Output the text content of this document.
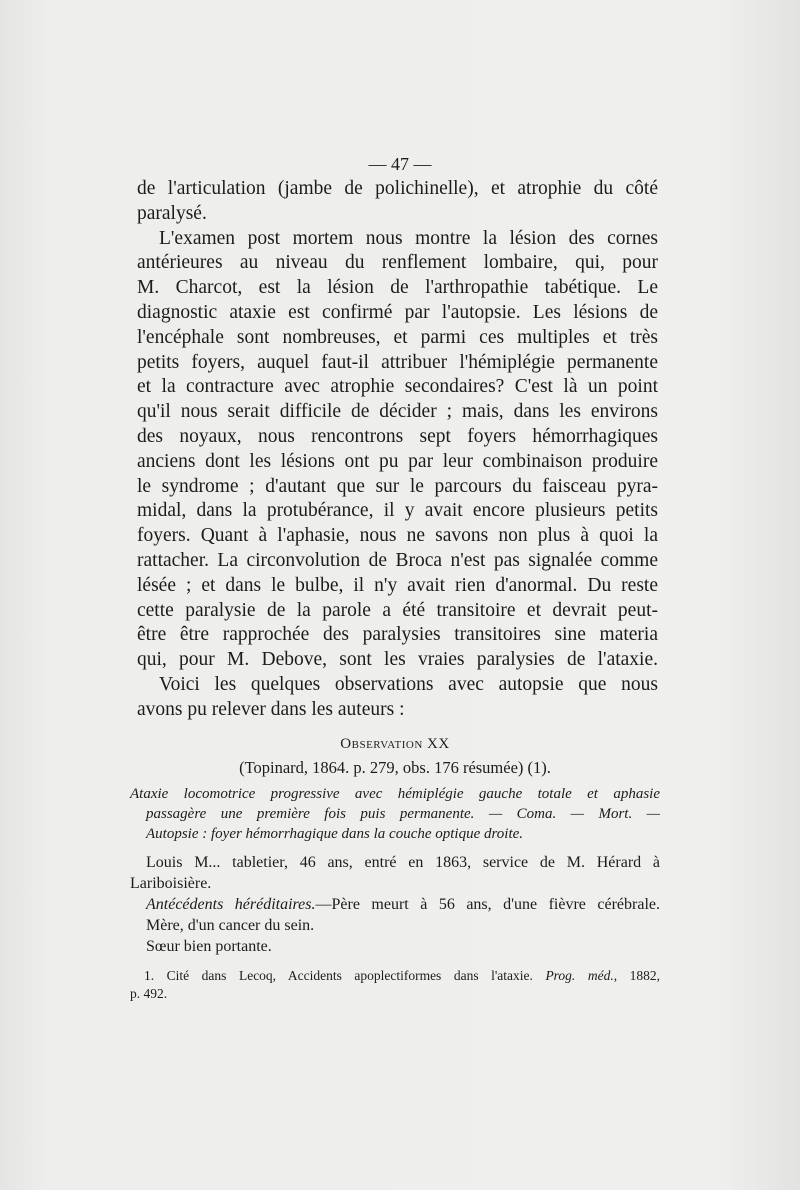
— 47 —
de l'articulation (jambe de polichinelle), et atrophie du côté
paralysé.
L'examen post mortem nous montre la lésion des cornes
antérieures au niveau du renflement lombaire, qui, pour
M. Charcot, est la lésion de l'arthropathie tabétique. Le
diagnostic ataxie est confirmé par l'autopsie. Les lésions de
l'encéphale sont nombreuses, et parmi ces multiples et très
petits foyers, auquel faut-il attribuer l'hémiplégie permanente
et la contracture avec atrophie secondaires? C'est là un point
qu'il nous serait difficile de décider ; mais, dans les environs
des noyaux, nous rencontrons sept foyers hémorrhagiques
anciens dont les lésions ont pu par leur combinaison produire
le syndrome ; d'autant que sur le parcours du faisceau pyra-
midal, dans la protubérance, il y avait encore plusieurs petits
foyers. Quant à l'aphasie, nous ne savons non plus à quoi la
rattacher. La circonvolution de Broca n'est pas signalée comme
lésée ; et dans le bulbe, il n'y avait rien d'anormal. Du reste
cette paralysie de la parole a été transitoire et devrait peut-
être être rapprochée des paralysies transitoires sine materia
qui, pour M. Debove, sont les vraies paralysies de l'ataxie.
Voici les quelques observations avec autopsie que nous
avons pu relever dans les auteurs :
Observation XX
(Topinard, 1864. p. 279, obs. 176 résumée) (1).
Ataxie locomotrice progressive avec hémiplégie gauche totale et aphasie
passagère une première fois puis permanente. — Coma. — Mort. —
Autopsie : foyer hémorrhagique dans la couche optique droite.
Louis M... tabletier, 46 ans, entré en 1863, service de M. Hérard à
Lariboisière.
Antécédents héréditaires.—Père meurt à 56 ans, d'une fièvre cérébrale.
Mère, d'un cancer du sein.
Sœur bien portante.
1. Cité dans Lecoq, Accidents apoplectiformes dans l'ataxie. Prog. méd., 1882,
p. 492.
